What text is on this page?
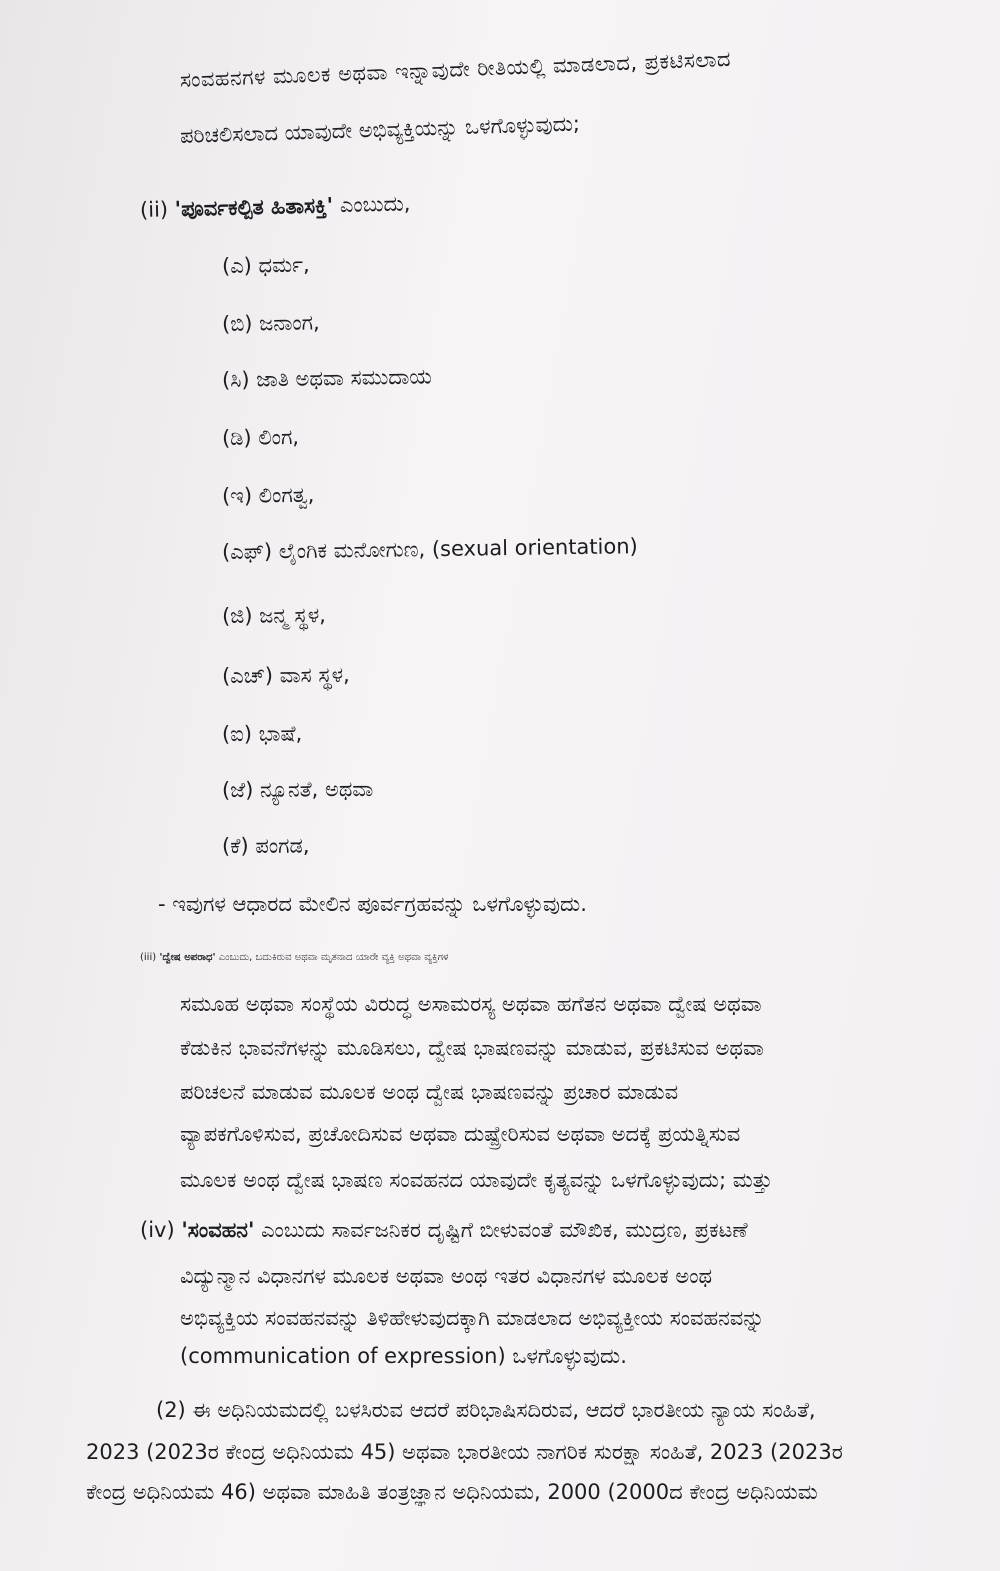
ಸಂವಹನಗಳ ಮೂಲಕ ಅಥವಾ ಇನ್ನಾವುದೇ ರೀತಿಯಲ್ಲಿ ಮಾಡಲಾದ, ಪ್ರಕಟಿಸಲಾದ
ಪರಿಚಲಿಸಲಾದ ಯಾವುದೇ ಅಭಿವ್ಯಕ್ತಿಯನ್ನು ಒಳಗೊಳ್ಳುವುದು;
(ii) 'ಪೂರ್ವಕಲ್ಪಿತ ಹಿತಾಸಕ್ತಿ' ಎಂಬುದು,
(ಎ) ಧರ್ಮ,
(ಬಿ) ಜನಾಂಗ,
(ಸಿ) ಜಾತಿ ಅಥವಾ ಸಮುದಾಯ
(ಡಿ) ಲಿಂಗ,
(ಇ) ಲಿಂಗತ್ವ,
(ಎಫ್) ಲೈಂಗಿಕ ಮನೋಗುಣ, (sexual orientation)
(ಜಿ) ಜನ್ಮ ಸ್ಥಳ,
(ಎಚ್) ವಾಸ ಸ್ಥಳ,
(ಐ) ಭಾಷೆ,
(ಜೆ) ನ್ಯೂನತೆ, ಅಥವಾ
(ಕೆ) ಪಂಗಡ,
- ಇವುಗಳ ಆಧಾರದ ಮೇಲಿನ ಪೂರ್ವಗ್ರಹವನ್ನು ಒಳಗೊಳ್ಳುವುದು.
(iii) 'ದ್ವೇಷ ಅಪರಾಧ' ಎಂಬುದು, ಬದುಕಿರುವ ಅಥವಾ ಮೃತನಾದ ಯಾರೇ ವ್ಯಕ್ತಿ ಅಥವಾ ವ್ಯಕ್ತಿಗಳ
ಸಮೂಹ ಅಥವಾ ಸಂಸ್ಥೆಯ ವಿರುದ್ಧ ಅಸಾಮರಸ್ಯ ಅಥವಾ ಹಗೆತನ ಅಥವಾ ದ್ವೇಷ ಅಥವಾ
ಕೆಡುಕಿನ ಭಾವನೆಗಳನ್ನು ಮೂಡಿಸಲು, ದ್ವೇಷ ಭಾಷಣವನ್ನು ಮಾಡುವ, ಪ್ರಕಟಿಸುವ ಅಥವಾ
ಪರಿಚಲನೆ ಮಾಡುವ ಮೂಲಕ ಅಂಥ ದ್ವೇಷ ಭಾಷಣವನ್ನು ಪ್ರಚಾರ ಮಾಡುವ
ವ್ಯಾಪಕಗೊಳಿಸುವ, ಪ್ರಚೋದಿಸುವ ಅಥವಾ ದುಷ್ಪ್ರೇರಿಸುವ ಅಥವಾ ಅದಕ್ಕೆ ಪ್ರಯತ್ನಿಸುವ
ಮೂಲಕ ಅಂಥ ದ್ವೇಷ ಭಾಷಣ ಸಂವಹನದ ಯಾವುದೇ ಕೃತ್ಯವನ್ನು ಒಳಗೊಳ್ಳುವುದು; ಮತ್ತು
(iv) 'ಸಂವಹನ' ಎಂಬುದು ಸಾರ್ವಜನಿಕರ ದೃಷ್ಟಿಗೆ ಬೀಳುವಂತೆ ಮೌಖಿಕ, ಮುದ್ರಣ, ಪ್ರಕಟಣೆ
ವಿದ್ಯುನ್ಮಾನ ವಿಧಾನಗಳ ಮೂಲಕ ಅಥವಾ ಅಂಥ ಇತರ ವಿಧಾನಗಳ ಮೂಲಕ ಅಂಥ
ಅಭಿವ್ಯಕ್ತಿಯ ಸಂವಹನವನ್ನು ತಿಳಿಹೇಳುವುದಕ್ಕಾಗಿ ಮಾಡಲಾದ ಅಭಿವ್ಯಕ್ತೀಯ ಸಂವಹನವನ್ನು
(communication of expression) ಒಳಗೊಳ್ಳುವುದು.
(2) ಈ ಅಧಿನಿಯಮದಲ್ಲಿ ಬಳಸಿರುವ ಆದರೆ ಪರಿಭಾಷಿಸದಿರುವ, ಆದರೆ ಭಾರತೀಯ ನ್ಯಾಯ ಸಂಹಿತೆ,
2023 (2023ರ ಕೇಂದ್ರ ಅಧಿನಿಯಮ 45) ಅಥವಾ ಭಾರತೀಯ ನಾಗರಿಕ ಸುರಕ್ಷಾ ಸಂಹಿತೆ, 2023 (2023ರ
ಕೇಂದ್ರ ಅಧಿನಿಯಮ 46) ಅಥವಾ ಮಾಹಿತಿ ತಂತ್ರಜ್ಞಾನ ಅಧಿನಿಯಮ, 2000 (2000ದ ಕೇಂದ್ರ ಅಧಿನಿಯಮ
